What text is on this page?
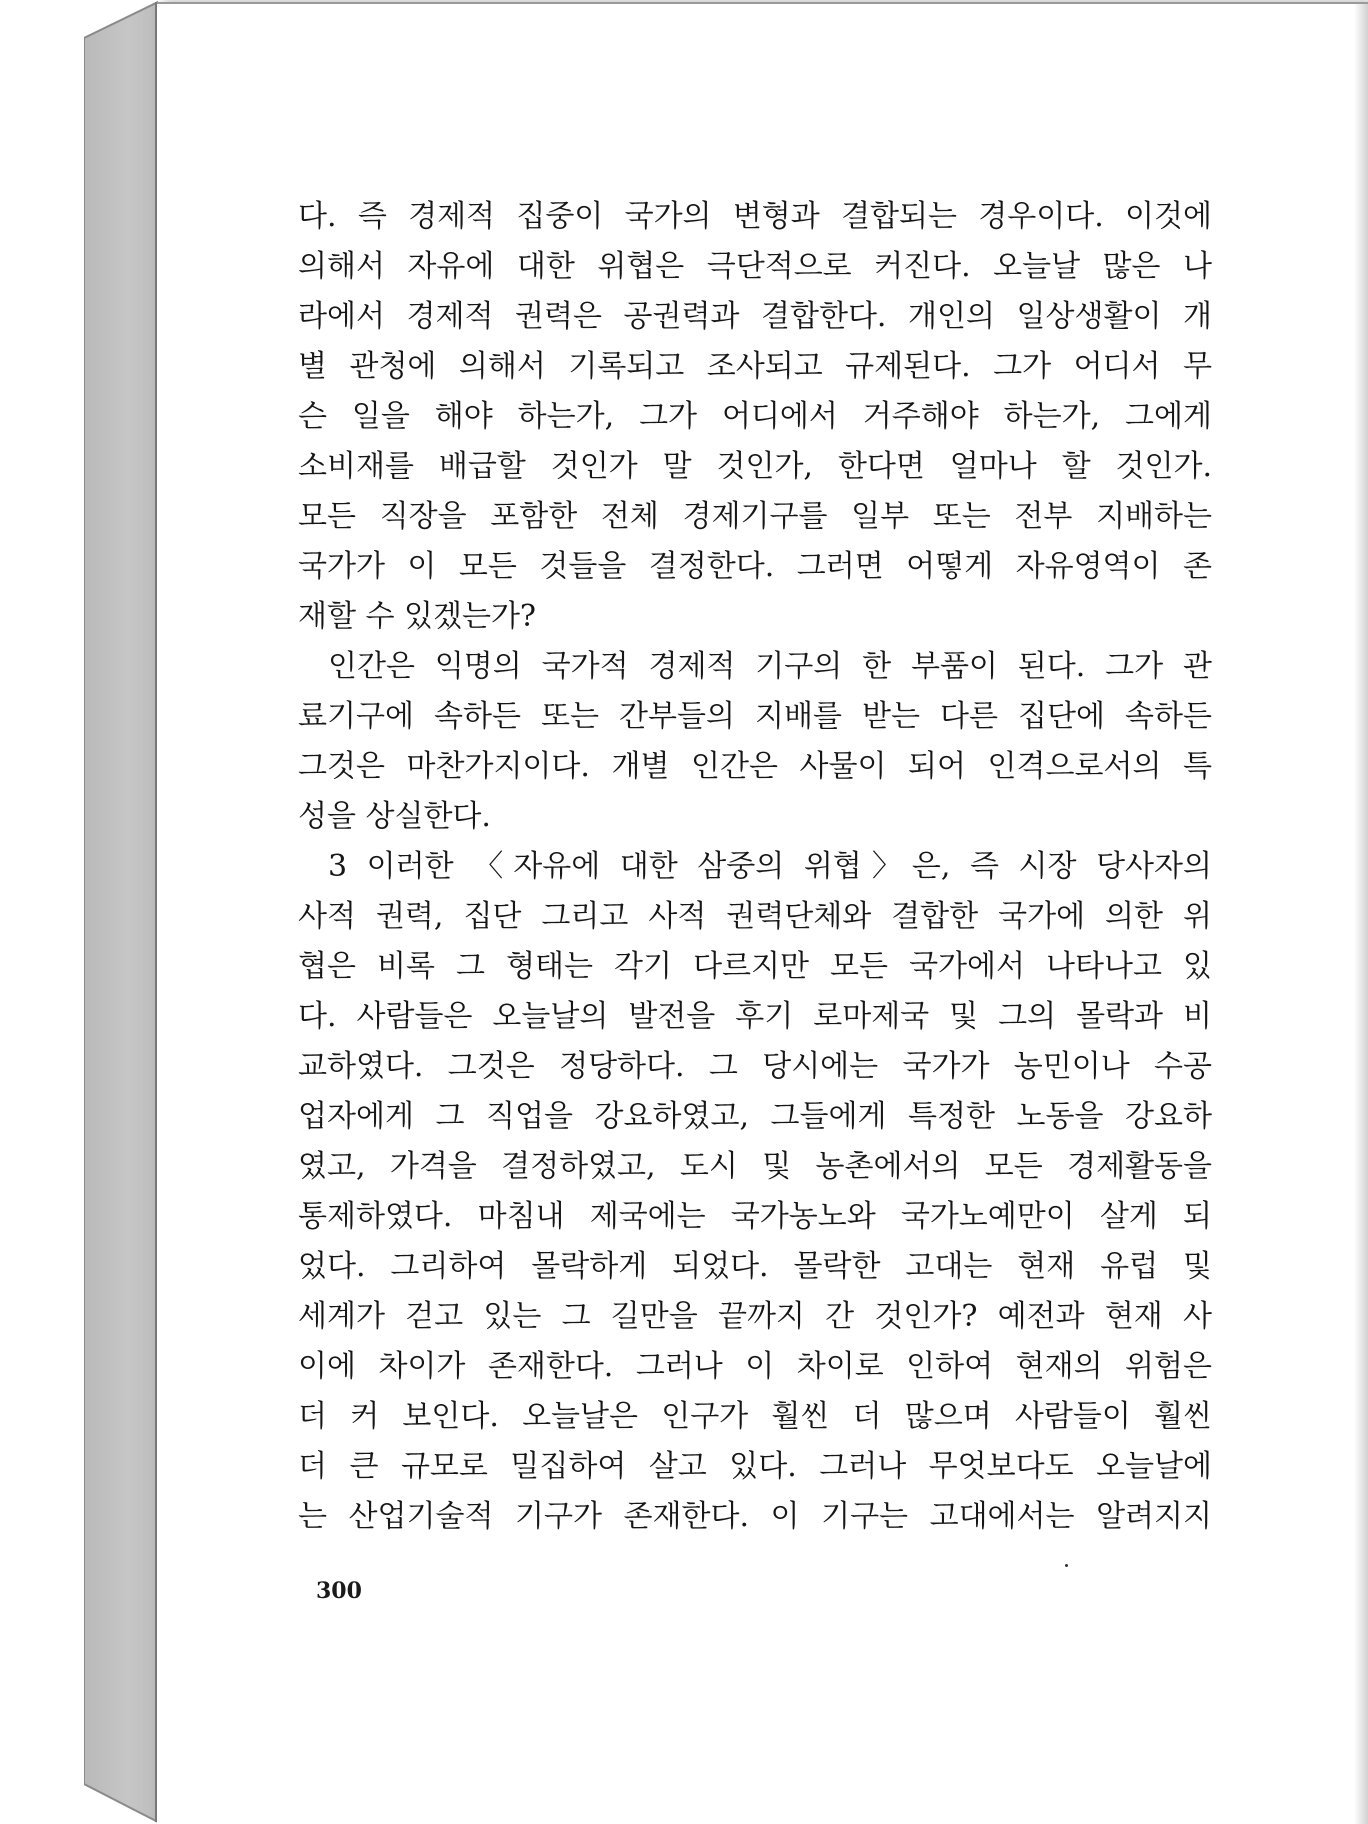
다. 즉 경제적 집중이 국가의 변형과 결합되는 경우이다. 이것에
의해서 자유에 대한 위협은 극단적으로 커진다. 오늘날 많은 나
라에서 경제적 권력은 공권력과 결합한다. 개인의 일상생활이 개
별 관청에 의해서 기록되고 조사되고 규제된다. 그가 어디서 무
슨 일을 해야 하는가, 그가 어디에서 거주해야 하는가, 그에게
소비재를 배급할 것인가 말 것인가, 한다면 얼마나 할 것인가.
모든 직장을 포함한 전체 경제기구를 일부 또는 전부 지배하는
국가가 이 모든 것들을 결정한다. 그러면 어떻게 자유영역이 존
재할 수 있겠는가?
인간은 익명의 국가적 경제적 기구의 한 부품이 된다. 그가 관
료기구에 속하든 또는 간부들의 지배를 받는 다른 집단에 속하든
그것은 마찬가지이다. 개별 인간은 사물이 되어 인격으로서의 특
성을 상실한다.
3 이러한 〈자유에 대한 삼중의 위협〉은, 즉 시장 당사자의
사적 권력, 집단 그리고 사적 권력단체와 결합한 국가에 의한 위
협은 비록 그 형태는 각기 다르지만 모든 국가에서 나타나고 있
다. 사람들은 오늘날의 발전을 후기 로마제국 및 그의 몰락과 비
교하였다. 그것은 정당하다. 그 당시에는 국가가 농민이나 수공
업자에게 그 직업을 강요하였고, 그들에게 특정한 노동을 강요하
였고, 가격을 결정하였고, 도시 및 농촌에서의 모든 경제활동을
통제하였다. 마침내 제국에는 국가농노와 국가노예만이 살게 되
었다. 그리하여 몰락하게 되었다. 몰락한 고대는 현재 유럽 및
세계가 걷고 있는 그 길만을 끝까지 간 것인가? 예전과 현재 사
이에 차이가 존재한다. 그러나 이 차이로 인하여 현재의 위험은
더 커 보인다. 오늘날은 인구가 훨씬 더 많으며 사람들이 훨씬
더 큰 규모로 밀집하여 살고 있다. 그러나 무엇보다도 오늘날에
는 산업기술적 기구가 존재한다. 이 기구는 고대에서는 알려지지
300
